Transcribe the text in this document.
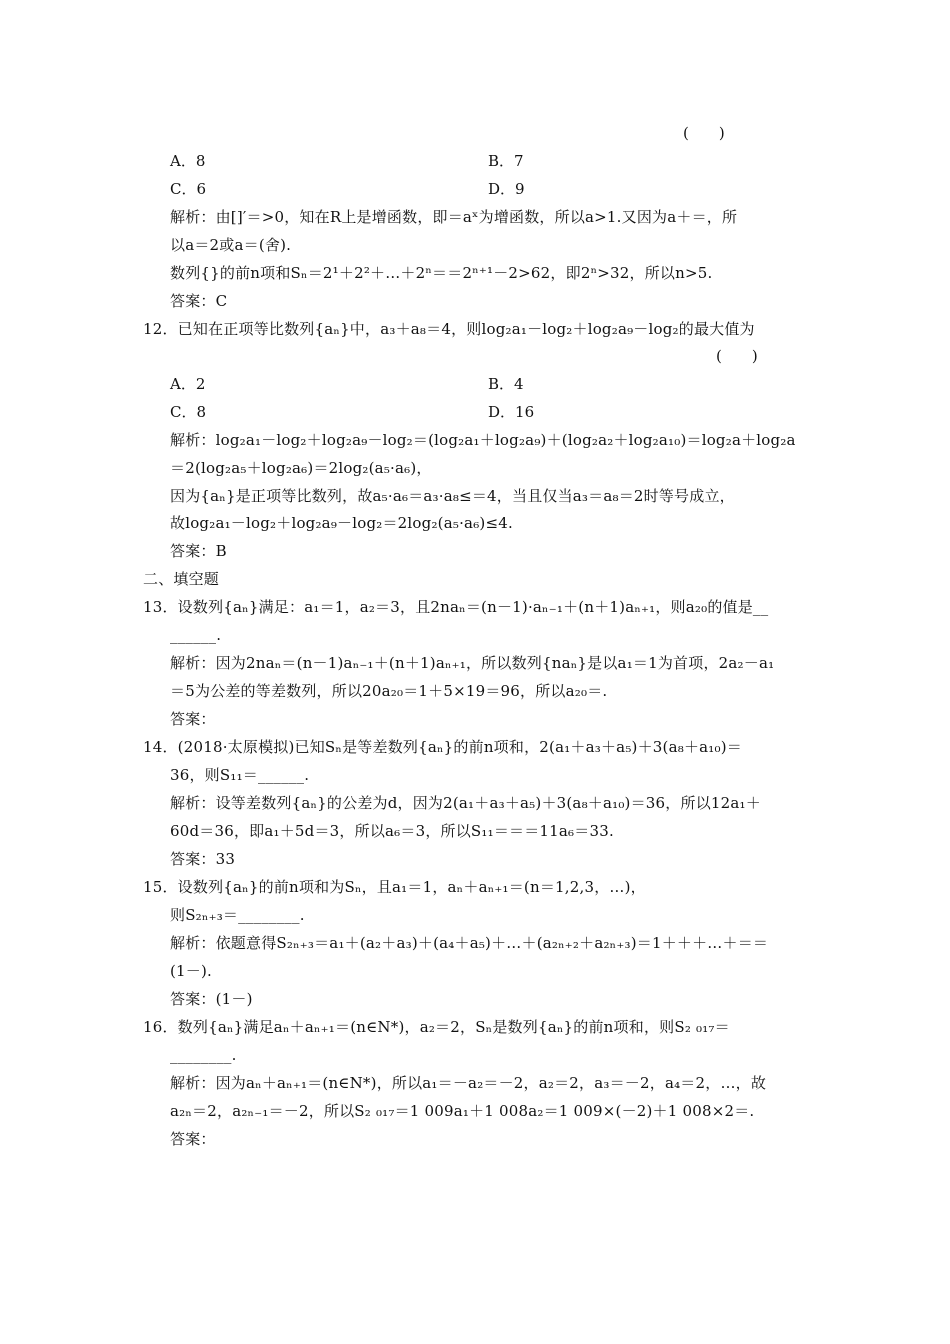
(　　)
A．8	B．7
C．6	D．9
解析：由[]′＝>0，知在R上是增函数，即＝aˣ为增函数，所以a>1.又因为a＋＝，所
以a＝2或a＝(舍).
数列{}的前n项和Sₙ＝2¹＋2²＋…＋2ⁿ＝＝2ⁿ⁺¹－2>62，即2ⁿ>32，所以n>5.
答案：C
12．已知在正项等比数列{aₙ}中，a₃＋a₈＝4，则log₂a₁－log₂＋log₂a₉－log₂的最大值为
(　　)
A．2	B．4
C．8	D．16
解析：log₂a₁－log₂＋log₂a₉－log₂＝(log₂a₁＋log₂a₉)＋(log₂a₂＋log₂a₁₀)＝log₂a＋log₂a
＝2(log₂a₅＋log₂a₆)＝2log₂(a₅·a₆)，
因为{aₙ}是正项等比数列，故a₅·a₆＝a₃·a₈≤＝4，当且仅当a₃＝a₈＝2时等号成立，
故log₂a₁－log₂＋log₂a₉－log₂＝2log₂(a₅·a₆)≤4.
答案：B
二、填空题
13．设数列{aₙ}满足：a₁＝1，a₂＝3，且2naₙ＝(n－1)·aₙ₋₁＋(n＋1)aₙ₊₁，则a₂₀的值是__
______.
解析：因为2naₙ＝(n－1)aₙ₋₁＋(n＋1)aₙ₊₁，所以数列{naₙ}是以a₁＝1为首项，2a₂－a₁
＝5为公差的等差数列，所以20a₂₀＝1＋5×19＝96，所以a₂₀＝.
答案：
14．(2018·太原模拟)已知Sₙ是等差数列{aₙ}的前n项和，2(a₁＋a₃＋a₅)＋3(a₈＋a₁₀)＝
36，则S₁₁＝______.
解析：设等差数列{aₙ}的公差为d，因为2(a₁＋a₃＋a₅)＋3(a₈＋a₁₀)＝36，所以12a₁＋
60d＝36，即a₁＋5d＝3，所以a₆＝3，所以S₁₁＝＝＝11a₆＝33.
答案：33
15．设数列{aₙ}的前n项和为Sₙ，且a₁＝1，aₙ＋aₙ₊₁＝(n＝1,2,3，…)，
则S₂ₙ₊₃＝________.
解析：依题意得S₂ₙ₊₃＝a₁＋(a₂＋a₃)＋(a₄＋a₅)＋…＋(a₂ₙ₊₂＋a₂ₙ₊₃)＝1＋＋＋…＋＝＝
(1－).
答案：(1－)
16．数列{aₙ}满足aₙ＋aₙ₊₁＝(n∈N*)，a₂＝2，Sₙ是数列{aₙ}的前n项和，则S₂ ₀₁₇＝
________.
解析：因为aₙ＋aₙ₊₁＝(n∈N*)，所以a₁＝－a₂＝－2，a₂＝2，a₃＝－2，a₄＝2，…，故
a₂ₙ＝2，a₂ₙ₋₁＝－2，所以S₂ ₀₁₇＝1 009a₁＋1 008a₂＝1 009×(－2)＋1 008×2＝.
答案：
